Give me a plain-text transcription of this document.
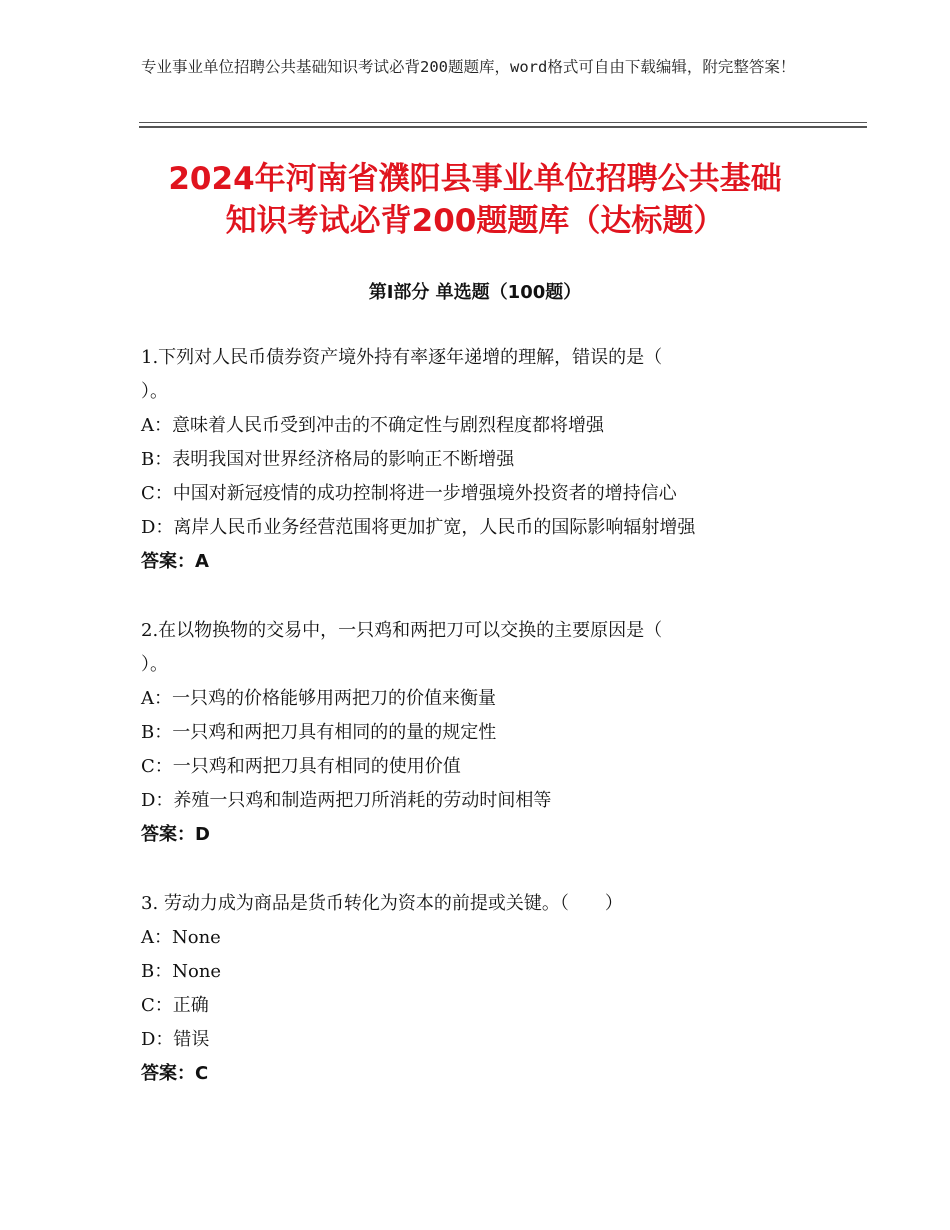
专业事业单位招聘公共基础知识考试必背200题题库，word格式可自由下载编辑，附完整答案！
2024年河南省濮阳县事业单位招聘公共基础
知识考试必背200题题库（达标题）
第Ⅰ部分 单选题（100题）

1.下列对人民币债券资产境外持有率逐年递增的理解，错误的是（

）。

A：意味着人民币受到冲击的不确定性与剧烈程度都将增强

B：表明我国对世界经济格局的影响正不断增强

C：中国对新冠疫情的成功控制将进一步增强境外投资者的增持信心

D：离岸人民币业务经营范围将更加扩宽，人民币的国际影响辐射增强

答案：A

2.在以物换物的交易中，一只鸡和两把刀可以交换的主要原因是（

）。

A：一只鸡的价格能够用两把刀的价值来衡量

B：一只鸡和两把刀具有相同的的量的规定性

C：一只鸡和两把刀具有相同的使用价值

D：养殖一只鸡和制造两把刀所消耗的劳动时间相等

答案：D

3. 劳动力成为商品是货币转化为资本的前提或关键。（　　）

A：None

B：None

C：正确

D：错误

答案：C
